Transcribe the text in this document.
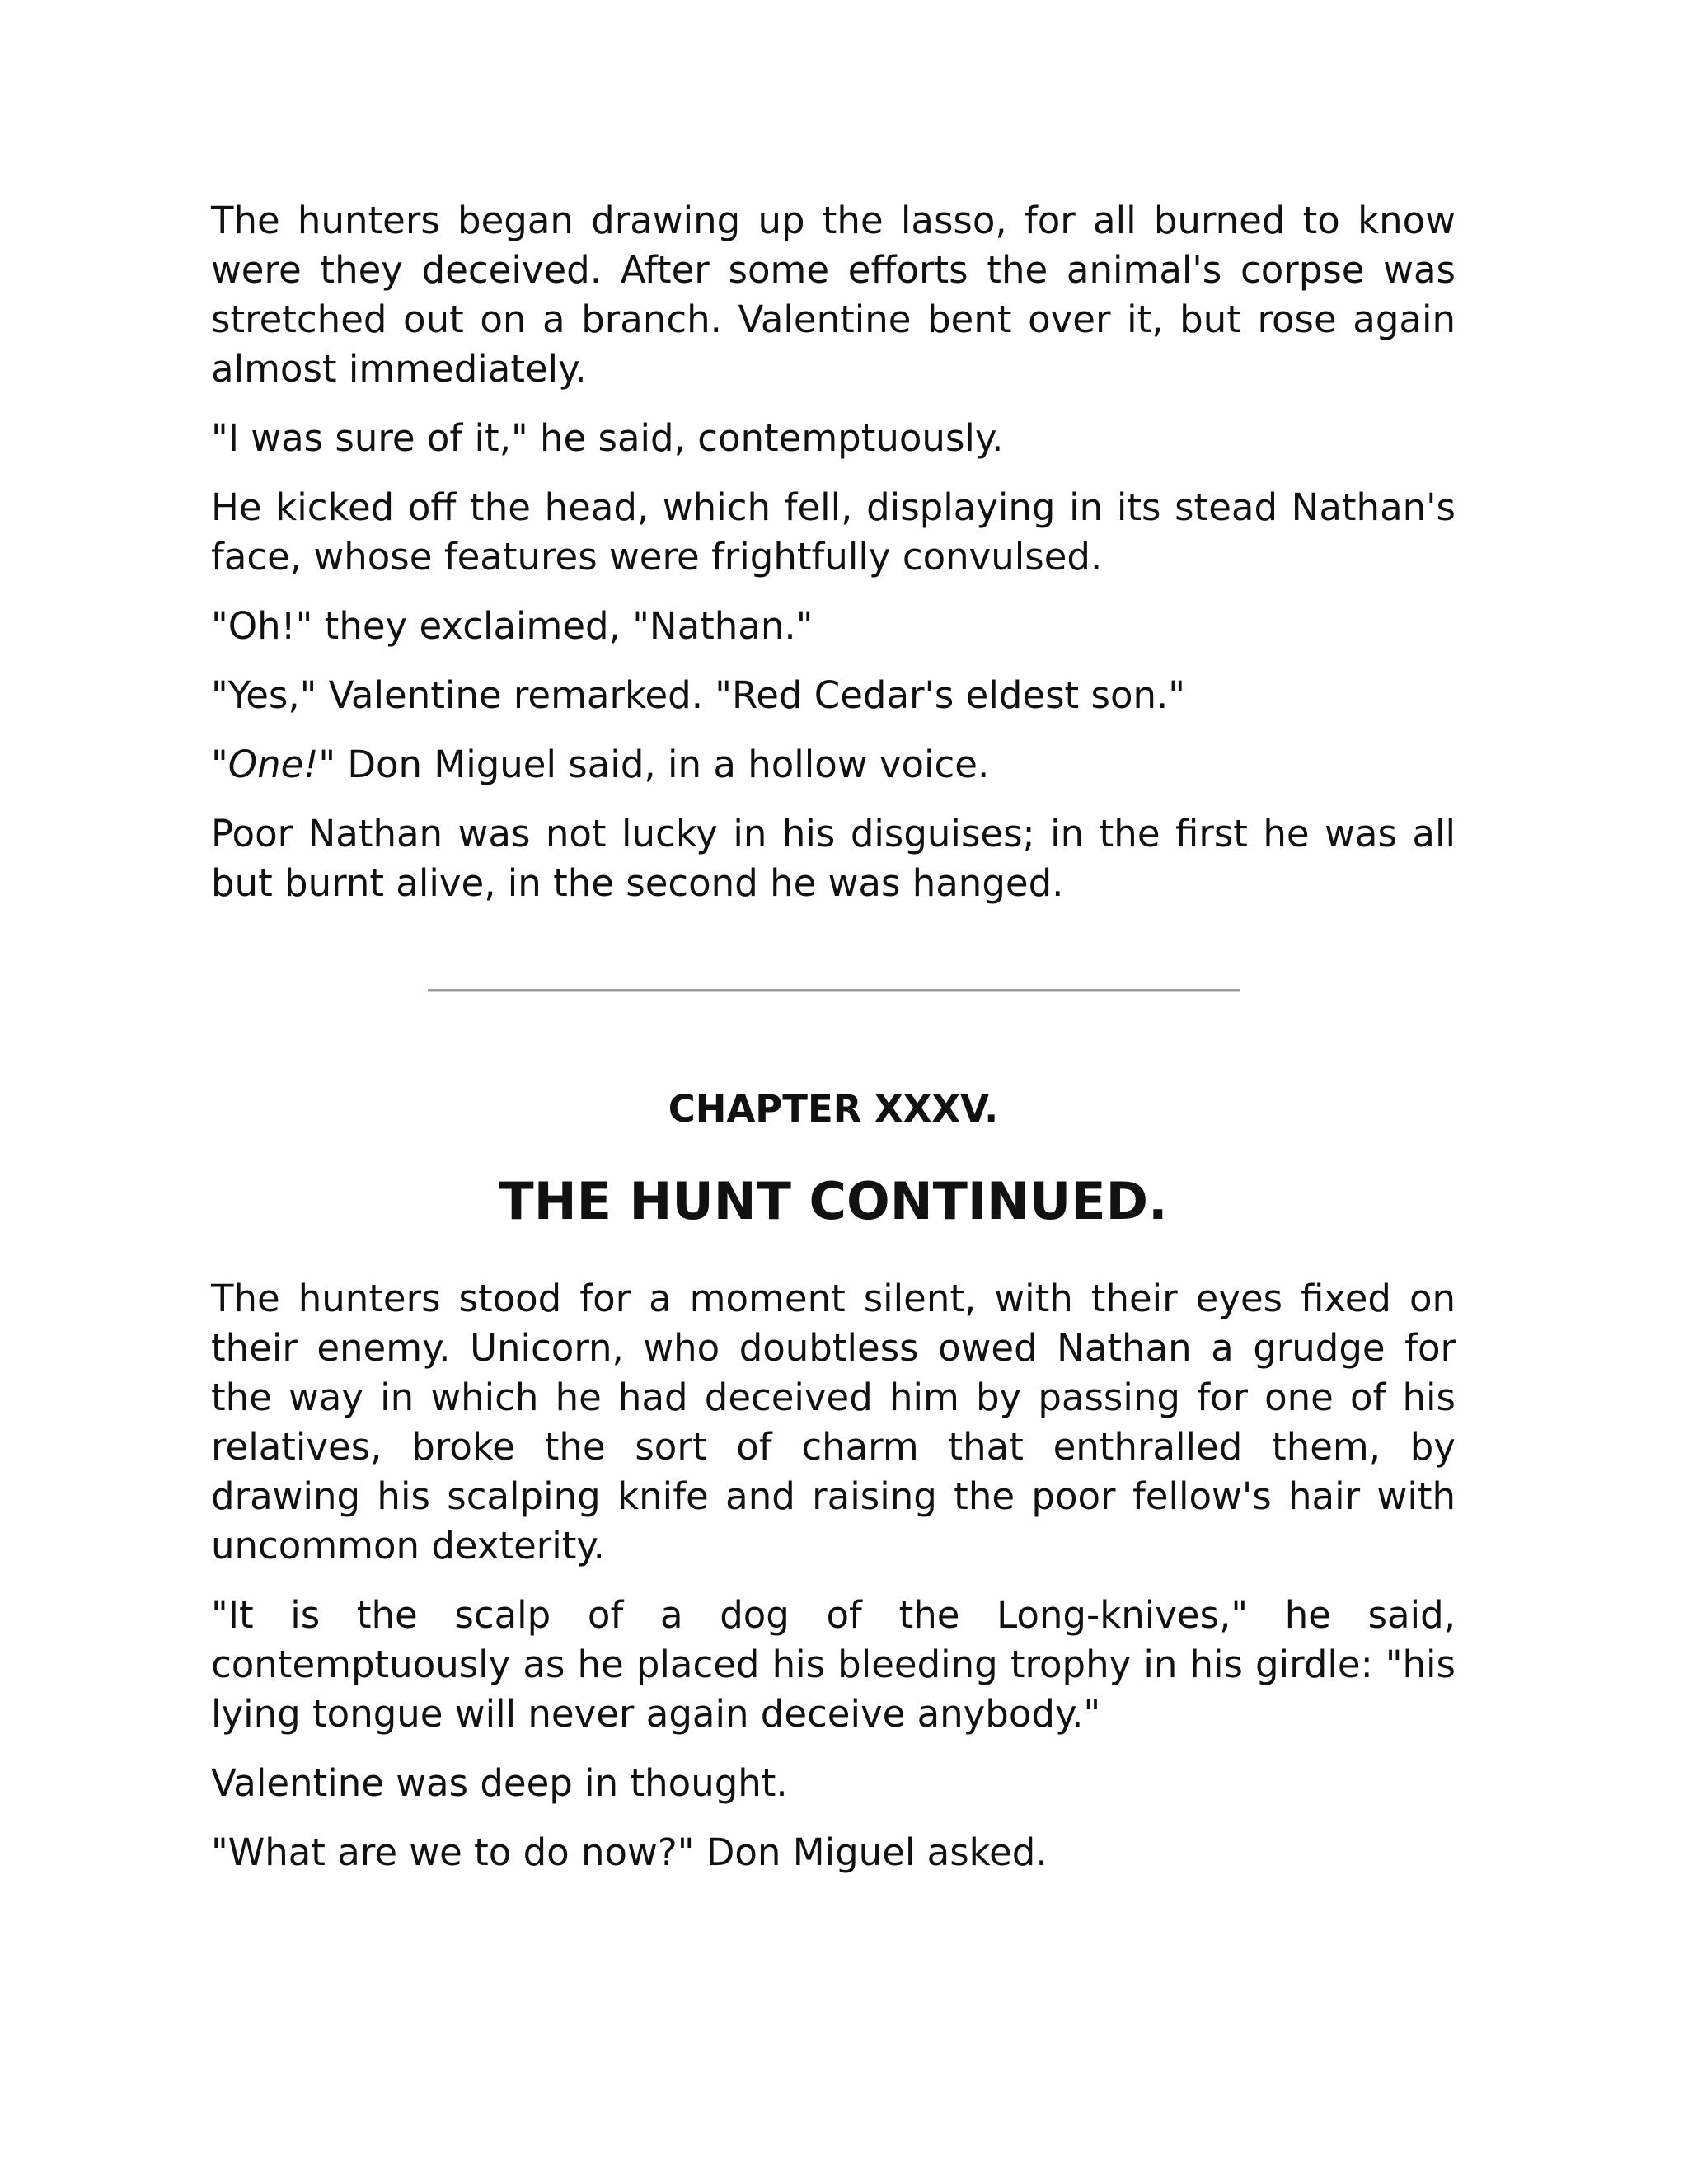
The hunters began drawing up the lasso, for all burned to know were they deceived. After some efforts the animal's corpse was stretched out on a branch. Valentine bent over it, but rose again almost immediately.

"I was sure of it," he said, contemptuously.

He kicked off the head, which fell, displaying in its stead Nathan's face, whose features were frightfully convulsed.

"Oh!" they exclaimed, "Nathan."

"Yes," Valentine remarked. "Red Cedar's eldest son."

"One!" Don Miguel said, in a hollow voice.

Poor Nathan was not lucky in his disguises; in the first he was all but burnt alive, in the second he was hanged.

CHAPTER XXXV.
THE HUNT CONTINUED.

The hunters stood for a moment silent, with their eyes fixed on their enemy. Unicorn, who doubtless owed Nathan a grudge for the way in which he had deceived him by passing for one of his relatives, broke the sort of charm that enthralled them, by drawing his scalping knife and raising the poor fellow's hair with uncommon dexterity.

"It is the scalp of a dog of the Long-knives," he said, contemptuously as he placed his bleeding trophy in his girdle: "his lying tongue will never again deceive anybody."

Valentine was deep in thought.

"What are we to do now?" Don Miguel asked.
